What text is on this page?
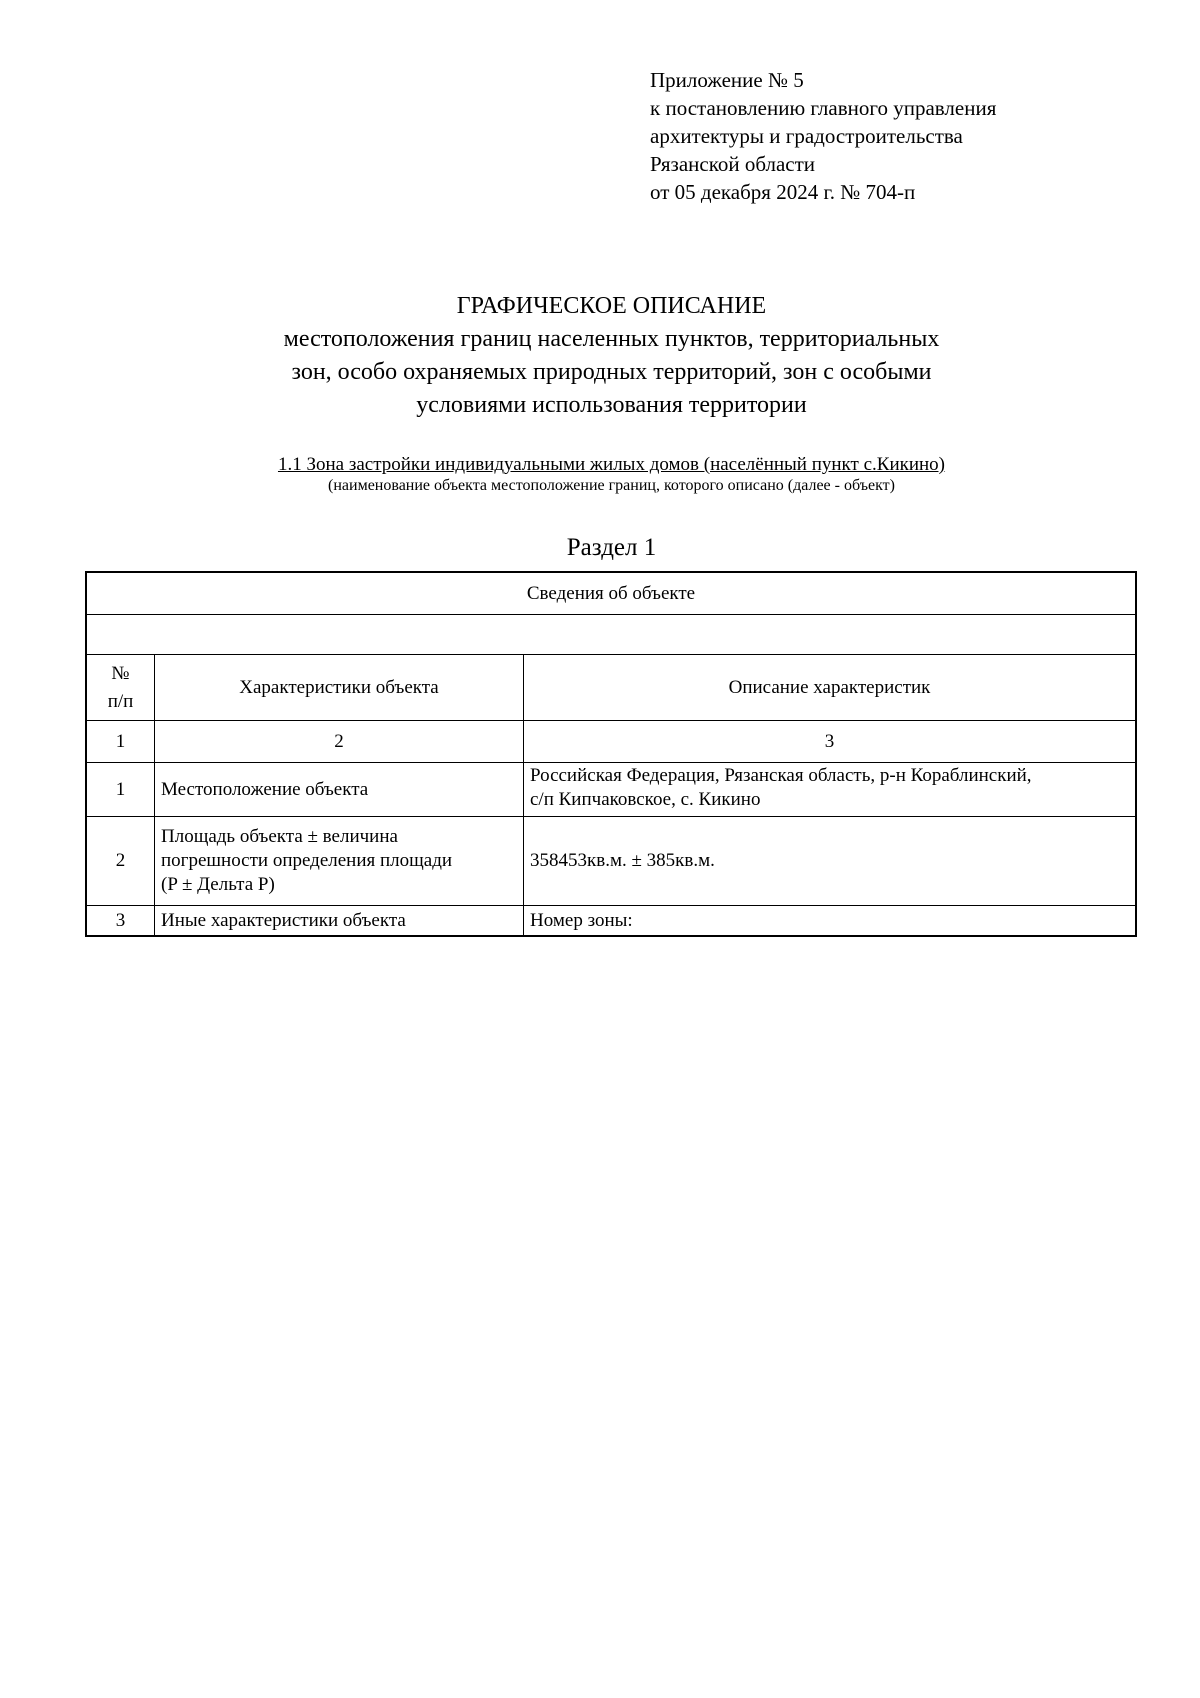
Приложение № 5
к постановлению главного управления
архитектуры и градостроительства
Рязанской области
от 05 декабря 2024 г. № 704-п
ГРАФИЧЕСКОЕ ОПИСАНИЕ
местоположения границ населенных пунктов, территориальных
зон, особо охраняемых природных территорий, зон с особыми
условиями использования территории
1.1 Зона застройки индивидуальными жилых домов (населённый пункт с.Кикино)
(наименование объекта местоположение границ, которого описано (далее - объект)
Раздел 1
Сведения об объекте		

№
п/п	Характеристики объекта	Описание характеристик
1	2	3
1	Местоположение объекта	Российская Федерация, Рязанская область, р-н Кораблинский,
с/п Кипчаковское, с. Кикино

2	Площадь объекта ± величина
погрешности определения площади
(P ± Дельта P)	358453кв.м. ± 385кв.м.
3	Иные характеристики объекта	Номер зоны:
